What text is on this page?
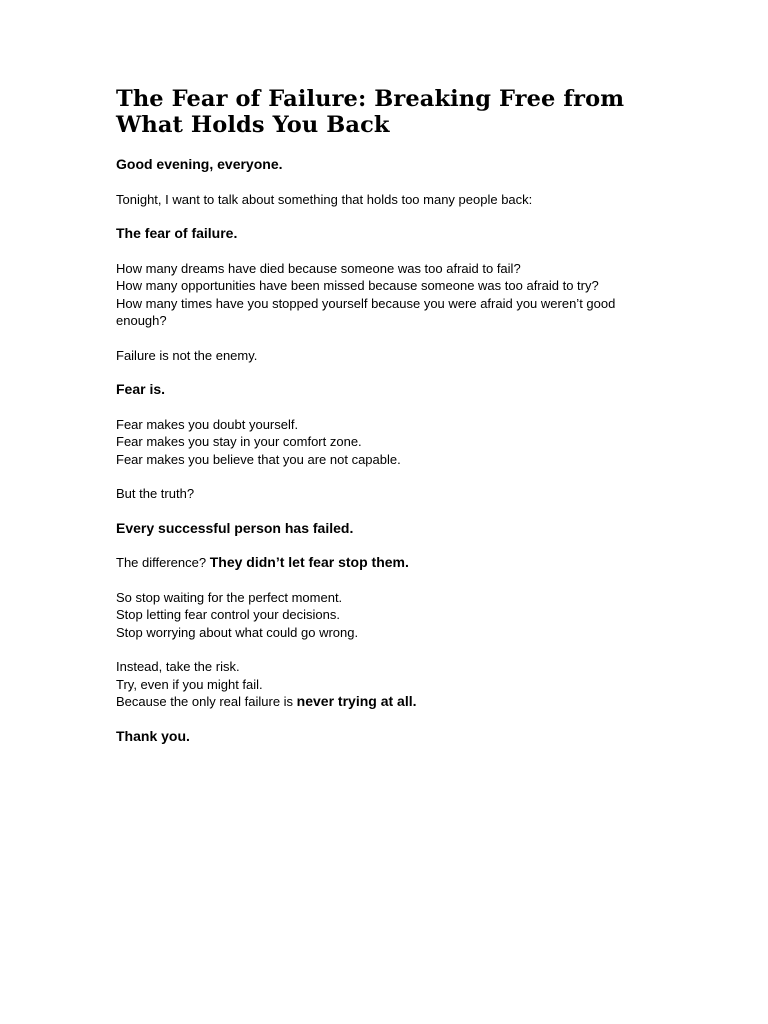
The Fear of Failure: Breaking Free from What Holds You Back

Good evening, everyone.

Tonight, I want to talk about something that holds too many people back:

The fear of failure.

How many dreams have died because someone was too afraid to fail?
How many opportunities have been missed because someone was too afraid to try?
How many times have you stopped yourself because you were afraid you weren’t good enough?

Failure is not the enemy.

Fear is.

Fear makes you doubt yourself.
Fear makes you stay in your comfort zone.
Fear makes you believe that you are not capable.

But the truth?

Every successful person has failed.

The difference? They didn’t let fear stop them.

So stop waiting for the perfect moment.
Stop letting fear control your decisions.
Stop worrying about what could go wrong.

Instead, take the risk.
Try, even if you might fail.
Because the only real failure is never trying at all.

Thank you.
